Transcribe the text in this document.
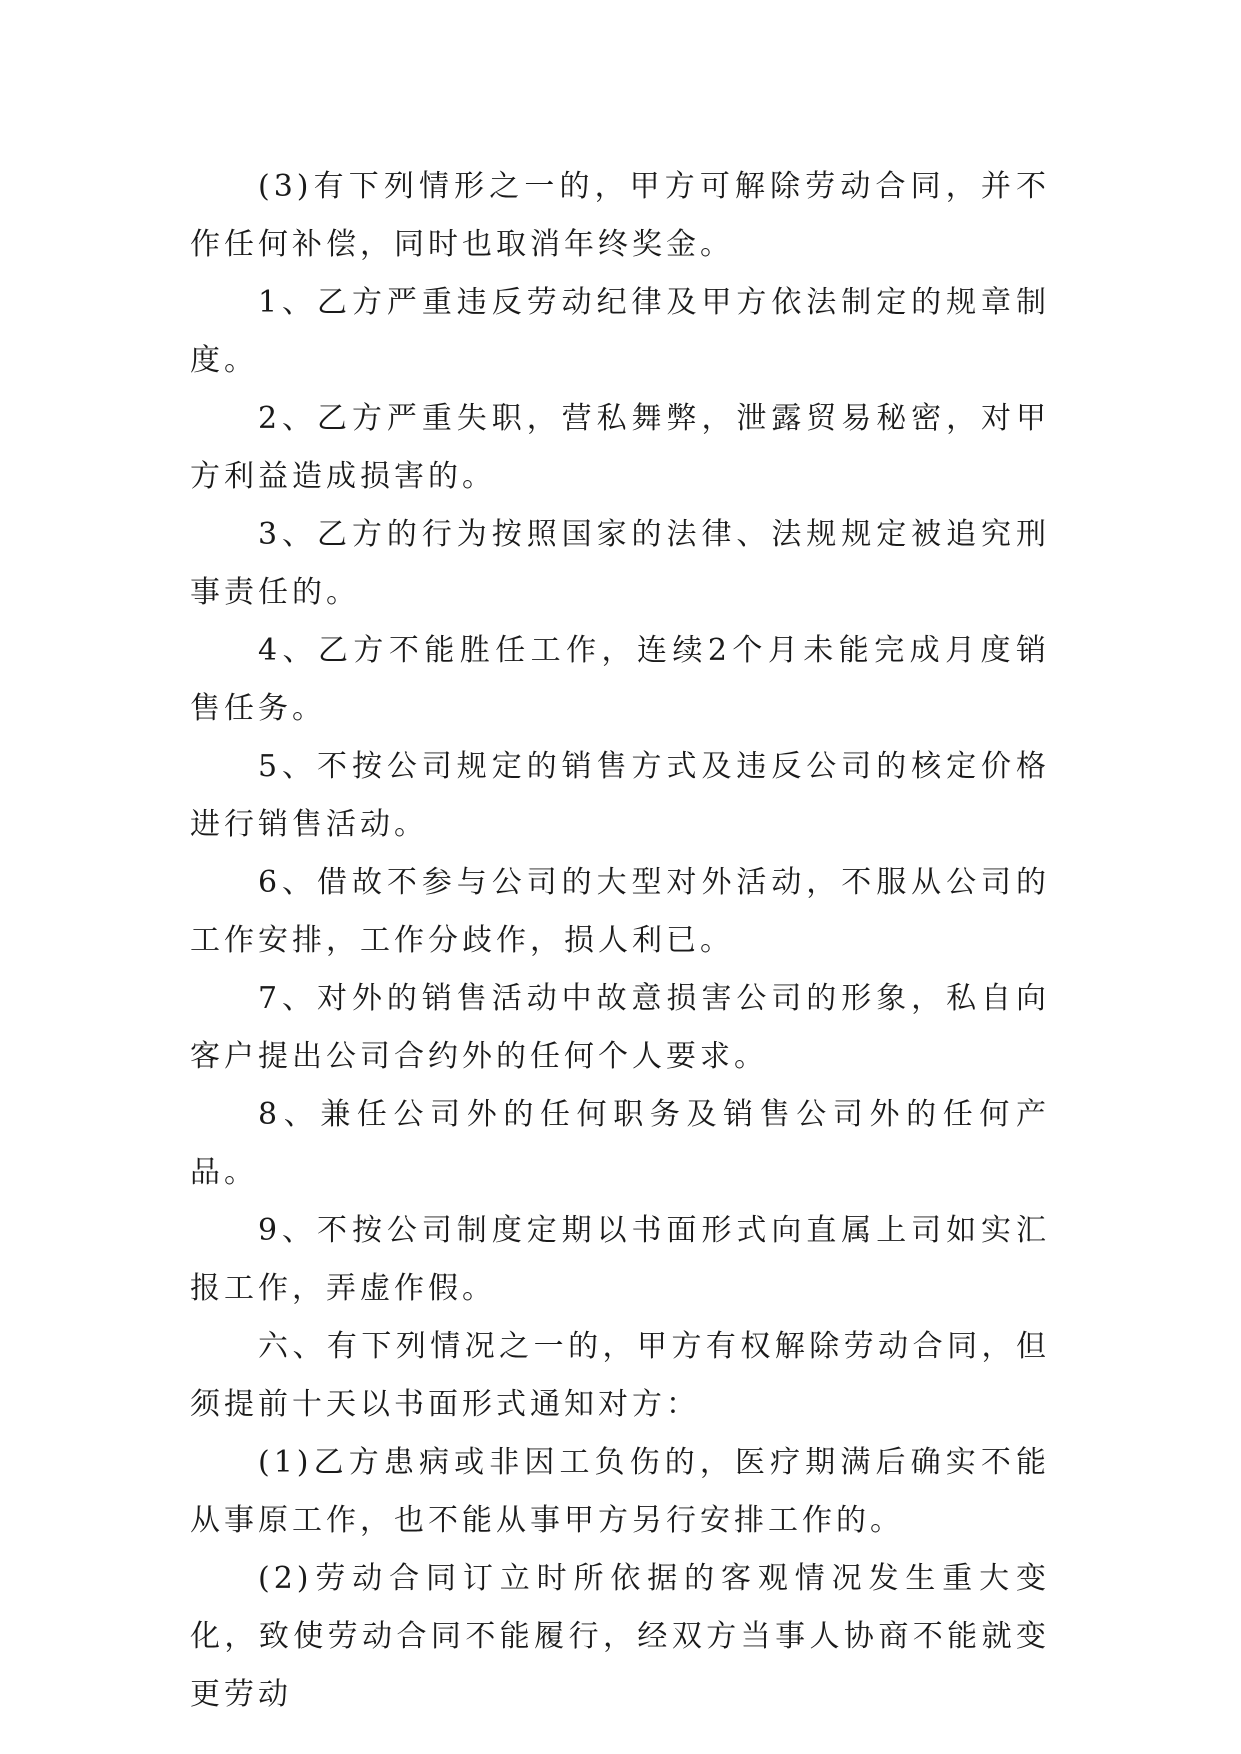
(3)有下列情形之一的，甲方可解除劳动合同，并不作任何补偿，同时也取消年终奖金。

1、乙方严重违反劳动纪律及甲方依法制定的规章制度。

2、乙方严重失职，营私舞弊，泄露贸易秘密，对甲方利益造成损害的。

3、乙方的行为按照国家的法律、法规规定被追究刑事责任的。

4、乙方不能胜任工作，连续2个月未能完成月度销售任务。

5、不按公司规定的销售方式及违反公司的核定价格进行销售活动。

6、借故不参与公司的大型对外活动，不服从公司的工作安排，工作分歧作，损人利已。

7、对外的销售活动中故意损害公司的形象，私自向客户提出公司合约外的任何个人要求。

8、兼任公司外的任何职务及销售公司外的任何产品。

9、不按公司制度定期以书面形式向直属上司如实汇报工作，弄虚作假。

六、有下列情况之一的，甲方有权解除劳动合同，但须提前十天以书面形式通知对方：

(1)乙方患病或非因工负伤的，医疗期满后确实不能从事原工作，也不能从事甲方另行安排工作的。

(2)劳动合同订立时所依据的客观情况发生重大变化，致使劳动合同不能履行，经双方当事人协商不能就变更劳动
